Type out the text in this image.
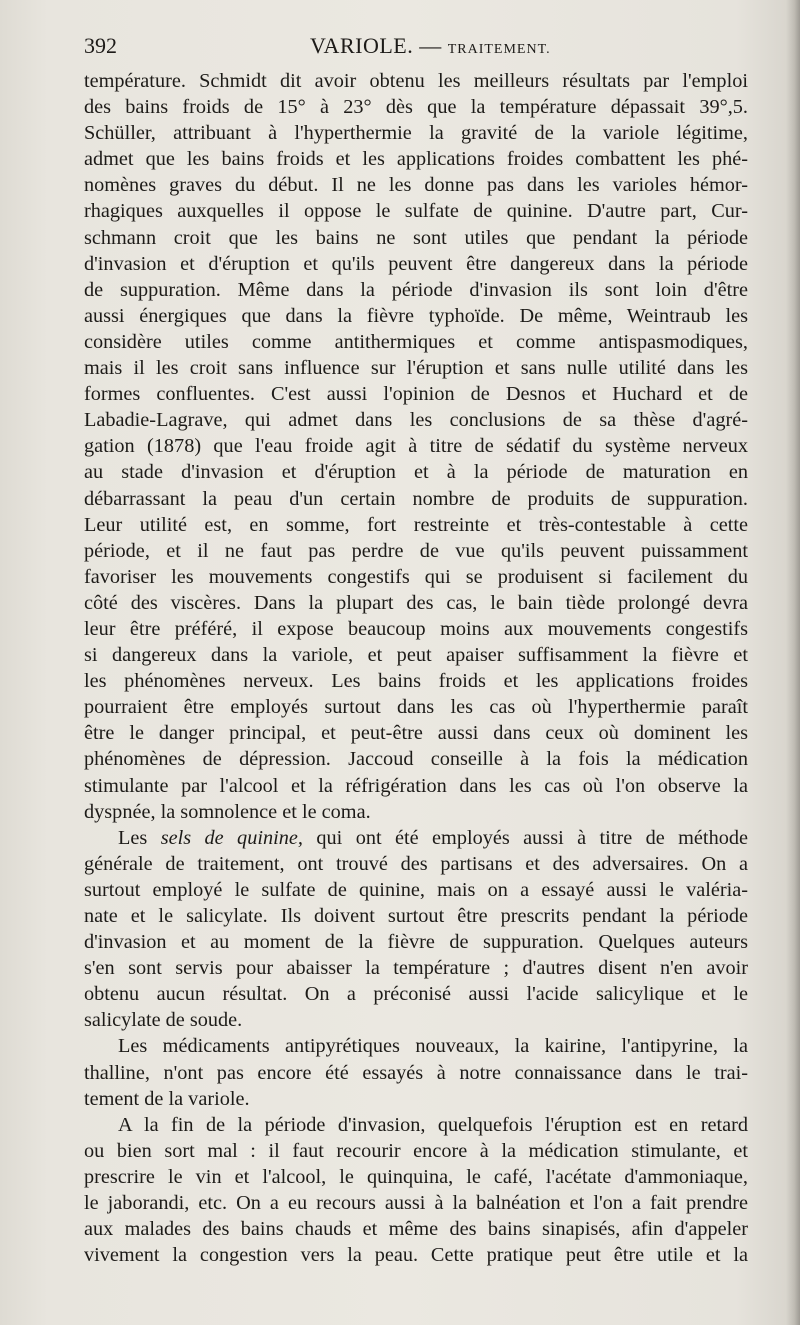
392	VARIOLE. — TRAITEMENT.
température. Schmidt dit avoir obtenu les meilleurs résultats par l'emploi
des bains froids de 15° à 23° dès que la température dépassait 39°,5.
Schüller, attribuant à l'hyperthermie la gravité de la variole légitime,
admet que les bains froids et les applications froides combattent les phé-
nomènes graves du début. Il ne les donne pas dans les varioles hémor-
rhagiques auxquelles il oppose le sulfate de quinine. D'autre part, Cur-
schmann croit que les bains ne sont utiles que pendant la période
d'invasion et d'éruption et qu'ils peuvent être dangereux dans la période
de suppuration. Même dans la période d'invasion ils sont loin d'être
aussi énergiques que dans la fièvre typhoïde. De même, Weintraub les
considère utiles comme antithermiques et comme antispasmodiques,
mais il les croit sans influence sur l'éruption et sans nulle utilité dans les
formes confluentes. C'est aussi l'opinion de Desnos et Huchard et de
Labadie-Lagrave, qui admet dans les conclusions de sa thèse d'agré-
gation (1878) que l'eau froide agit à titre de sédatif du système nerveux
au stade d'invasion et d'éruption et à la période de maturation en
débarrassant la peau d'un certain nombre de produits de suppuration.
Leur utilité est, en somme, fort restreinte et très-contestable à cette
période, et il ne faut pas perdre de vue qu'ils peuvent puissamment
favoriser les mouvements congestifs qui se produisent si facilement du
côté des viscères. Dans la plupart des cas, le bain tiède prolongé devra
leur être préféré, il expose beaucoup moins aux mouvements congestifs
si dangereux dans la variole, et peut apaiser suffisamment la fièvre et
les phénomènes nerveux. Les bains froids et les applications froides
pourraient être employés surtout dans les cas où l'hyperthermie paraît
être le danger principal, et peut-être aussi dans ceux où dominent les
phénomènes de dépression. Jaccoud conseille à la fois la médication
stimulante par l'alcool et la réfrigération dans les cas où l'on observe la
dyspnée, la somnolence et le coma.
Les sels de quinine, qui ont été employés aussi à titre de méthode
générale de traitement, ont trouvé des partisans et des adversaires. On a
surtout employé le sulfate de quinine, mais on a essayé aussi le valéria-
nate et le salicylate. Ils doivent surtout être prescrits pendant la période
d'invasion et au moment de la fièvre de suppuration. Quelques auteurs
s'en sont servis pour abaisser la température ; d'autres disent n'en avoir
obtenu aucun résultat. On a préconisé aussi l'acide salicylique et le
salicylate de soude.
Les médicaments antipyrétiques nouveaux, la kairine, l'antipyrine, la
thalline, n'ont pas encore été essayés à notre connaissance dans le trai-
tement de la variole.
A la fin de la période d'invasion, quelquefois l'éruption est en retard
ou bien sort mal : il faut recourir encore à la médication stimulante, et
prescrire le vin et l'alcool, le quinquina, le café, l'acétate d'ammoniaque,
le jaborandi, etc. On a eu recours aussi à la balnéation et l'on a fait prendre
aux malades des bains chauds et même des bains sinapisés, afin d'appeler
vivement la congestion vers la peau. Cette pratique peut être utile et la
